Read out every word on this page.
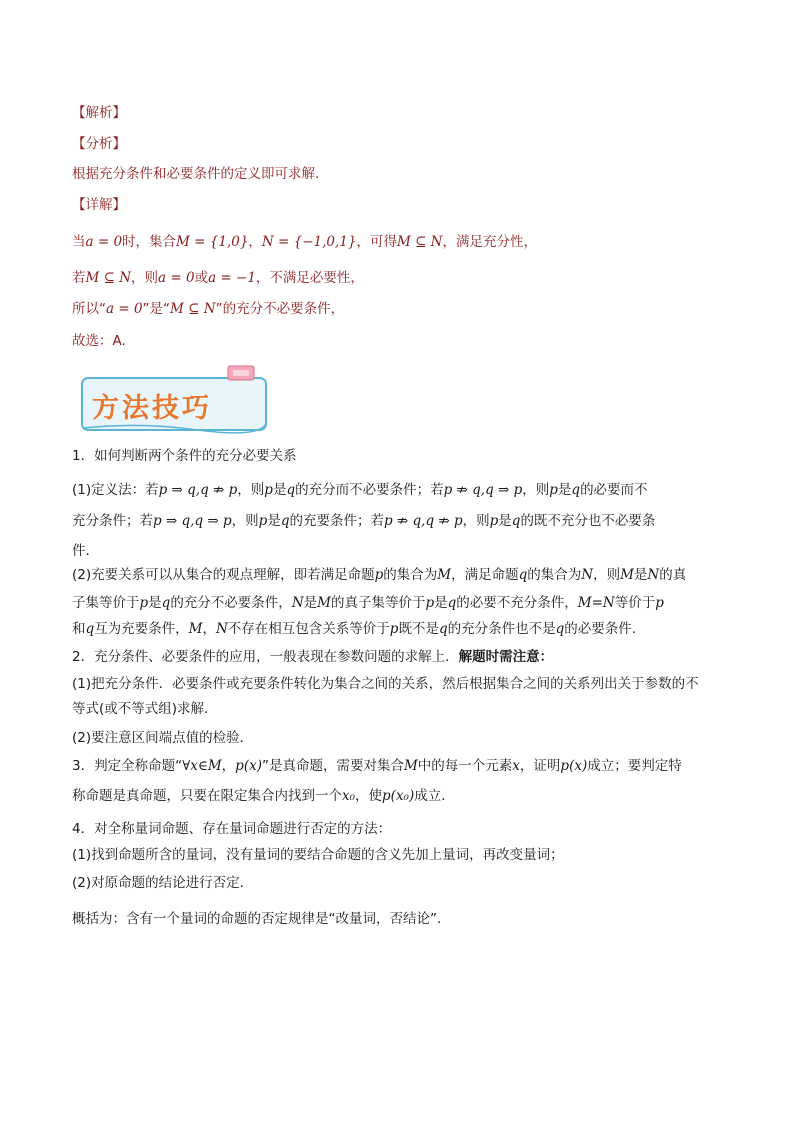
【解析】
【分析】
根据充分条件和必要条件的定义即可求解.
【详解】
当a = 0时，集合M = {1,0}，N = {−1,0,1}，可得M ⊆ N，满足充分性，
若M ⊆ N，则a = 0或a = −1，不满足必要性，
所以“a = 0”是“M ⊆ N”的充分不必要条件，
故选：A.
方法技巧
1．如何判断两个条件的充分必要关系
(1)定义法：若p ⇒ q,q ⇏ p，则p是q的充分而不必要条件；若p ⇏ q,q ⇒ p，则p是q的必要而不
充分条件；若p ⇒ q,q ⇒ p，则p是q的充要条件；若p ⇏ q,q ⇏ p，则p是q的既不充分也不必要条
件.
(2)充要关系可以从集合的观点理解，即若满足命题p的集合为M，满足命题q的集合为N，则M是N的真
子集等价于p是q的充分不必要条件，N是M的真子集等价于p是q的必要不充分条件，M=N等价于p
和q互为充要条件，M，N不存在相互包含关系等价于p既不是q的充分条件也不是q的必要条件.
2．充分条件、必要条件的应用，一般表现在参数问题的求解上．解题时需注意：
(1)把充分条件．必要条件或充要条件转化为集合之间的关系，然后根据集合之间的关系列出关于参数的不
等式(或不等式组)求解．
(2)要注意区间端点值的检验．
3．判定全称命题“∀x∈M，p(x)”是真命题，需要对集合M中的每一个元素x，证明p(x)成立；要判定特
称命题是真命题，只要在限定集合内找到一个x₀，使p(x₀)成立．
4．对全称量词命题、存在量词命题进行否定的方法：
(1)找到命题所含的量词，没有量词的要结合命题的含义先加上量词，再改变量词；
(2)对原命题的结论进行否定．
概括为：含有一个量词的命题的否定规律是“改量词，否结论”.
